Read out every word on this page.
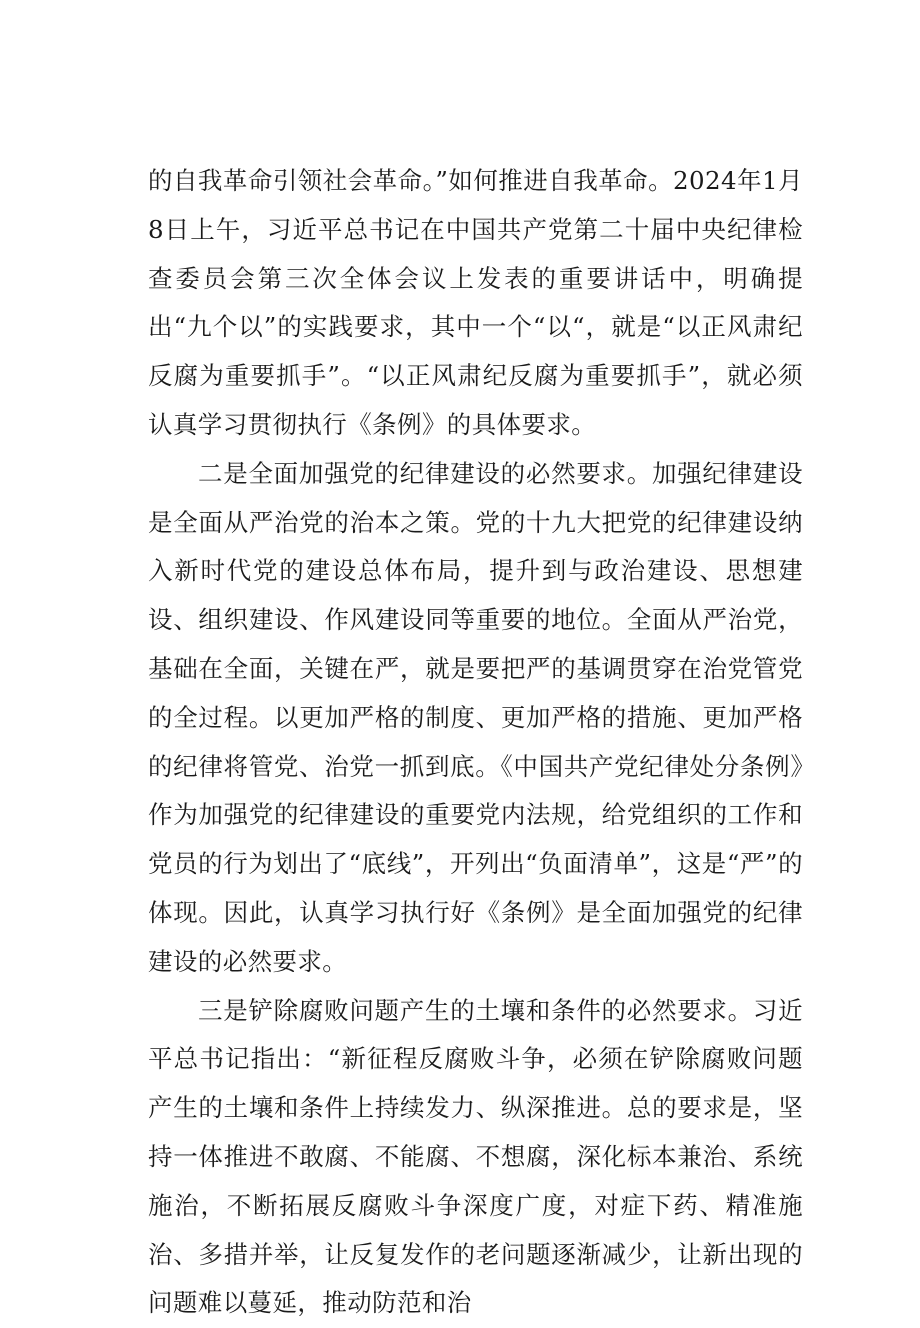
的自我革命引领社会革命。”如何推进自我革命。2024年1月8日上午，习近平总书记在中国共产党第二十届中央纪律检查委员会第三次全体会议上发表的重要讲话中，明确提出“九个以”的实践要求，其中一个“以“，就是“以正风肃纪反腐为重要抓手”。“以正风肃纪反腐为重要抓手”，就必须认真学习贯彻执行《条例》的具体要求。

二是全面加强党的纪律建设的必然要求。加强纪律建设是全面从严治党的治本之策。党的十九大把党的纪律建设纳入新时代党的建设总体布局，提升到与政治建设、思想建设、组织建设、作风建设同等重要的地位。全面从严治党，基础在全面，关键在严，就是要把严的基调贯穿在治党管党的全过程。以更加严格的制度、更加严格的措施、更加严格的纪律将管党、治党一抓到底。《中国共产党纪律处分条例》作为加强党的纪律建设的重要党内法规，给党组织的工作和党员的行为划出了“底线”，开列出“负面清单”，这是“严”的体现。因此，认真学习执行好《条例》是全面加强党的纪律建设的必然要求。

三是铲除腐败问题产生的土壤和条件的必然要求。习近平总书记指出：“新征程反腐败斗争，必须在铲除腐败问题产生的土壤和条件上持续发力、纵深推进。总的要求是，坚持一体推进不敢腐、不能腐、不想腐，深化标本兼治、系统施治，不断拓展反腐败斗争深度广度，对症下药、精准施治、多措并举，让反复发作的老问题逐渐减少，让新出现的问题难以蔓延，推动防范和治
